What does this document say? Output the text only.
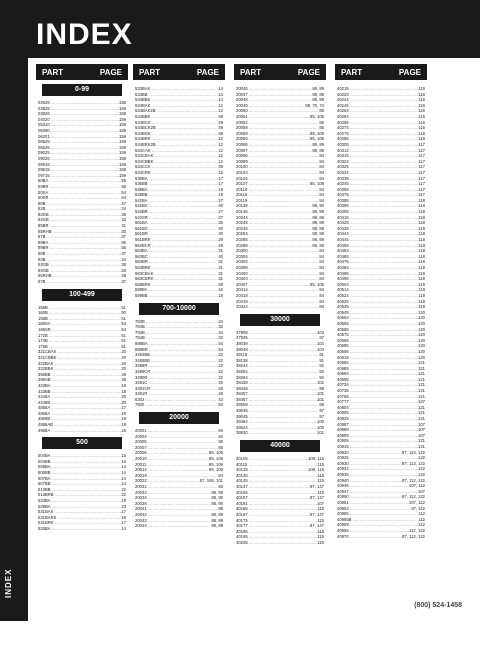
INDEX
INDEX
220
(800) 524-1458
PART	PAGE
0-99
02926 .....	158
03825 .....	159
03826 .....	159
04020 .....	159
05310 .....	159
06090 .....	159
06201 .....	159
06525 .....	159
06526 .....	159
09025 .....	159
09026 .....	159
09516 .....	158
09615 .....	159
09715 .....	159
50BA .....	55
50BR .....	55
50SA .....	54
60SR .....	54
80B .....	37
82B .....	34
83GB .....	36
84GB .....	33
85BR .....	31
85RHB .....	30
87B .....	37
89BA .....	55
89BR .....	55
90B .....	37
92B .....	34
93GB .....	36
94GB .....	33
95RHB .....	28
97B .....	37
100-499
158B .....	51
160B .....	50
168B .....	51
168SA .....	54
168SR .....	54
172B .....	51
174B .....	51
176B .....	51
321CBAK .....	20
321CBBK .....	20
322BAK .....	20
322BBK .....	20
396BB .....	48
396SB .....	48
423BA .....	18
423BB .....	18
4448A .....	20
4448B .....	20
4858A .....	17
4868A .....	19
4868B .....	19
4888AB .....	18
4988A .....	16
500
504BA .....	15
504BB .....	15
506BA .....	14
506BB .....	14
507BA .....	14
507BB .....	14
513BB .....	22
513BRB .....	22
523BA .....	19
529BA .....	23
531BAK .....	17
531BARK .....	18
531BRK .....	17
533BA .....	14
PART	PAGE
533BAK .....	14
533BB .....	14
533BBK .....	14
534BAK .....	12
534BAK2B .....	12
534BBK .....	49
534BCK .....	49
534BCK2B .....	49
534BGK .....	49
534BRK .....	12
534BRK2B .....	12
534CAK .....	12
534CBAK .....	12
534CBBK .....	12
534CCK .....	49
534CRK .....	12
536BA .....	17
536BB .....	17
538BA .....	19
538BB .....	19
542BA .....	27
542BC .....	40
542BR .....	27
542SR .....	27
561BA .....	30
561BC .....	40
561BR .....	30
561BRK .....	29
562BCR .....	29
563BA .....	31
563BC .....	40
563BR .....	31
563BRK .....	31
563CBAK .....	31
563CBRK .....	31
568BRK .....	30
588BA .....	16
588BB .....	16
700-10000
783B .....	34
784B .....	32
793B .....	34
794B .....	32
888BA .....	54
888BR .....	54
3483BB .....	22
3485BB .....	22
3488R .....	23
3490CR .....	22
3490R .....	22
3491C .....	40
3491CR .....	26
3491R .....	26
6302 .....	43
7500 .....	53
20000
20001 .....	84
20004 .....	84
20005 .....	85
20007 .....	85
20008 .....	85, 106
20010 .....	85, 106
20011 .....	85, 106
20014 .....	85, 106
20019 .....	84
20022 .....	87, 106, 101
20031 .....	83
20033 .....	88, 90
20034 .....	88, 90
20038 .....	88, 90
20041 .....	89
20042 .....	88, 89
20043 .....	88, 89
20044 .....	88, 89
PART	PAGE
20045 .....	88, 89
20047 .....	88, 89
20048 .....	88, 89
20049 .....	88, 70, 74
20050 .....	85
20051 .....	85, 106
20052 .....	85
20058 .....	85
20059 .....	85, 106
20060 .....	85, 106
20066 .....	88, 89
20067 .....	88, 89
20096 .....	84
20099 .....	84
20100 .....	84
20103 .....	84
20104 .....	84
20107 .....	85, 106
20110 .....	84
20116 .....	84
20119 .....	84
20138 .....	88, 90
20146 .....	88, 89
20244 .....	88, 89
20245 .....	88, 89
20246 .....	88, 89
20264 .....	88, 89
20265 .....	88, 89
20288 .....	88, 89
20300 .....	84
20304 .....	84
20303 .....	84
20398 .....	84
20400 .....	84
20403 .....	84
20407 .....	85, 106
20414 .....	84
20418 .....	84
20419 .....	84
20424 .....	84
30000
37908 .....	103
37935 .....	97
38038 .....	104
38048 .....	104
38118 .....	91
38138 .....	91
38244 .....	92
38254 .....	92
38264 .....	92
38438 .....	102
38448 .....	98
38457 .....	101
38467 .....	101
38508 .....	89
39035 .....	97
39045 .....	97
39484 .....	100
39524 .....	100
39530 .....	101
40000
40105 .....	109, 115
40115 .....	115
40125 .....	109, 115
40135 .....	115
40145 .....	115
40147 .....	87, 147
40155 .....	115
40157 .....	87, 147
40161 .....	107
40165 .....	115
40167 .....	87, 147
40175 .....	115
40177 .....	87, 147
40185 .....	115
40195 .....	115
40205 .....	116
PART	PAGE
40215 .....	116
40220 .....	116
40244 .....	116
40245 .....	116
40254 .....	116
40264 .....	116
40265 .....	116
40274 .....	116
40275 .....	116
40285 .....	116
40305 .....	117
40312 .....	117
40315 .....	117
40324 .....	117
40325 .....	117
40334 .....	117
40335 .....	117
40345 .....	117
40355 .....	117
40375 .....	117
40385 .....	118
40395 .....	118
40405 .....	118
40415 .....	118
40425 .....	118
40435 .....	118
40444 .....	118
40445 .....	118
40455 .....	118
40464 .....	118
40465 .....	118
40475 .....	119
40484 .....	119
40485 .....	119
40495 .....	119
40504 .....	119
40514 .....	119
40524 .....	119
40525 .....	119
40535 .....	119
40545 .....	120
40554 .....	120
40555 .....	120
40565 .....	120
40575 .....	120
40585 .....	120
40595 .....	120
40605 .....	120
40615 .....	120
40665 .....	121
40685 .....	121
40694 .....	121
40695 .....	121
40734 .....	121
40735 .....	121
40755 .....	121
40777 .....	107
40804 .....	121
40805 .....	121
40825 .....	121
40887 .....	107
40888 .....	107
40889 .....	107
40905 .....	121
40915 .....	121
40920 .....	87, 113, 122
40925 .....	122
40930 .....	87, 113, 122
40934 .....	122
40935 .....	122
40940 .....	87, 112, 122
40945 .....	107, 112
40947 .....	107
40950 .....	87, 112, 122
40951 .....	107, 112
40952 .....	87, 112
40955 .....	112
40955B .....	112
40959 .....	112
40965 .....	112, 122
40970 .....	87, 112, 122
